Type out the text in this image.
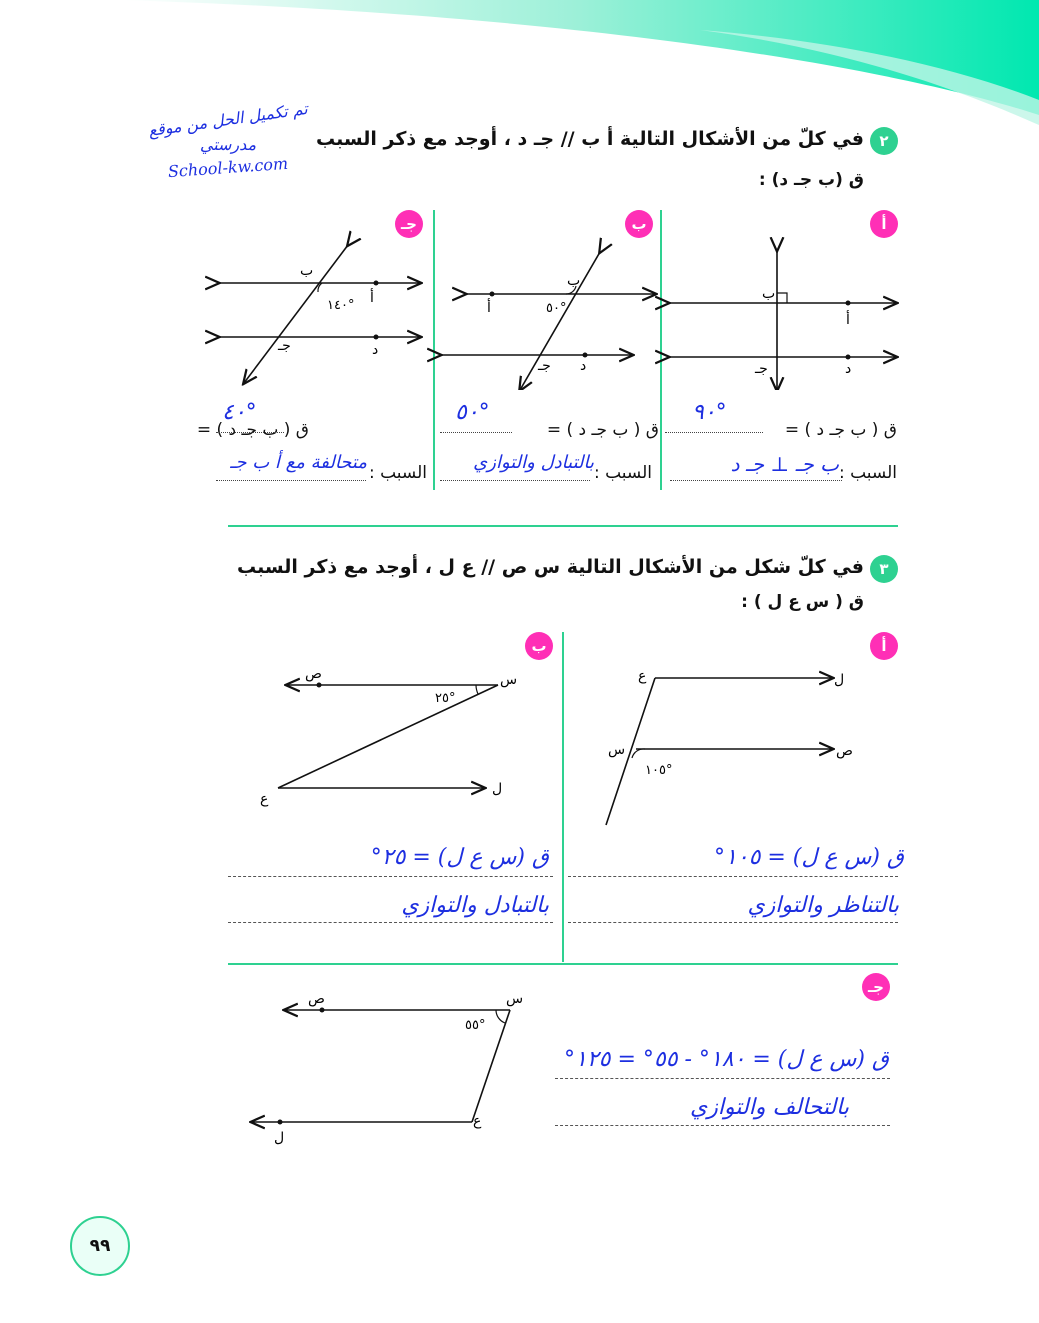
تم تكميل الحل من موقع
مدرستي
School-kw.com
٢
في كلّ من الأشكال التالية أ ب // جـ د ، أوجد مع ذكر السبب
ق (ب جـ د) :
أ
ب
جـ
ب
أ
جـ	د
ب
أ	٥٠°
جـ د
ب
أ
١٤٠°
جـ	د
ق ( ب جـ د ) =
٩٠°
ق ( ب جـ د ) =
٥٠°
ق ( ب جـ د ) =
٤٠°
السبب :
ب جـ ⊥ جـ د
السبب :
بالتبادل والتوازي
السبب :
متحالفة مع أ ب جـ
٣
في كلّ شكل من الأشكال التالية س ص // ع ل ، أوجد مع ذكر السبب
ق ( س ع ل ) :
أ
ب
ع	ل
س	ص
١٠٥°
ص	س
٢٥°
ع
ل
ق (س ع ل) = ١٠٥°
بالتناظر والتوازي
ق (س ع ل) = ٢٥°
بالتبادل والتوازي
جـ
ص	س
٥٥°
ع
ل
ق (س ع ل) = ١٨٠° - ٥٥° = ١٢٥°
بالتحالف والتوازي
٩٩
